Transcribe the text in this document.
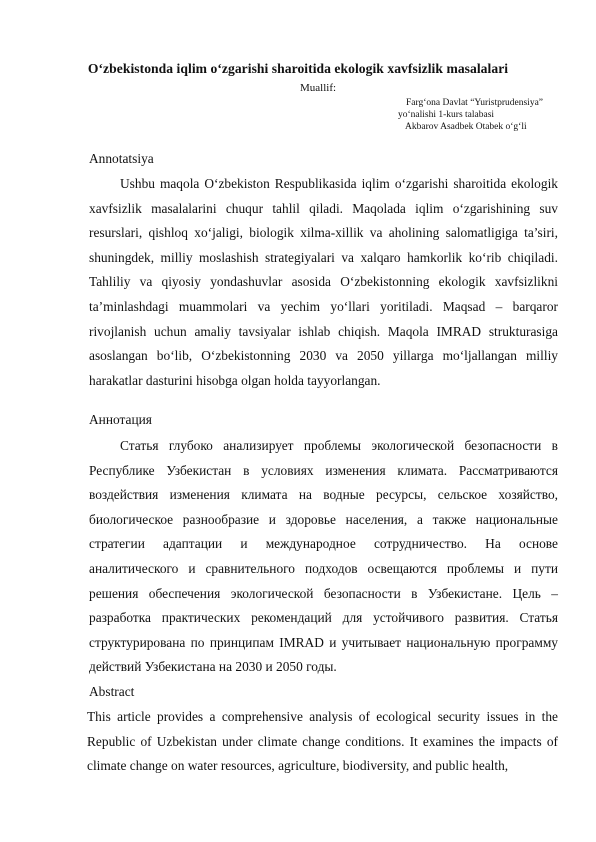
O‘zbekistonda iqlim o‘zgarishi sharoitida ekologik xavfsizlik masalalari
Muallif:
Farg‘ona Davlat “Yuristprudensiya”
yo‘nalishi 1-kurs talabasi
Akbarov Asadbek Otabek o‘g‘li
Annotatsiya

Ushbu maqola O‘zbekiston Respublikasida iqlim o‘zgarishi sharoitida ekologik xavfsizlik masalalarini chuqur tahlil qiladi. Maqolada iqlim o‘zgarishining suv resurslari, qishloq xo‘jaligi, biologik xilma-xillik va aholining salomatligiga ta’siri, shuningdek, milliy moslashish strategiyalari va xalqaro hamkorlik ko‘rib chiqiladi. Tahliliy va qiyosiy yondashuvlar asosida O‘zbekistonning ekologik xavfsizlikni ta’minlashdagi muammolari va yechim yo‘llari yoritiladi. Maqsad – barqaror rivojlanish uchun amaliy tavsiyalar ishlab chiqish. Maqola IMRAD strukturasiga asoslangan bo‘lib, O‘zbekistonning 2030 va 2050 yillarga mo‘ljallangan milliy harakatlar dasturini hisobga olgan holda tayyorlangan.

Аннотация

Статья глубоко анализирует проблемы экологической безопасности в Республике Узбекистан в условиях изменения климата. Рассматриваются воздействия изменения климата на водные ресурсы, сельское хозяйство, биологическое разнообразие и здоровье населения, а также национальные стратегии адаптации и международное сотрудничество. На основе аналитического и сравнительного подходов освещаются проблемы и пути решения обеспечения экологической безопасности в Узбекистане. Цель – разработка практических рекомендаций для устойчивого развития. Статья структурирована по принципам IMRAD и учитывает национальную программу действий Узбекистана на 2030 и 2050 годы.

Abstract

This article provides a comprehensive analysis of ecological security issues in the Republic of Uzbekistan under climate change conditions. It examines the impacts of climate change on water resources, agriculture, biodiversity, and public health,
